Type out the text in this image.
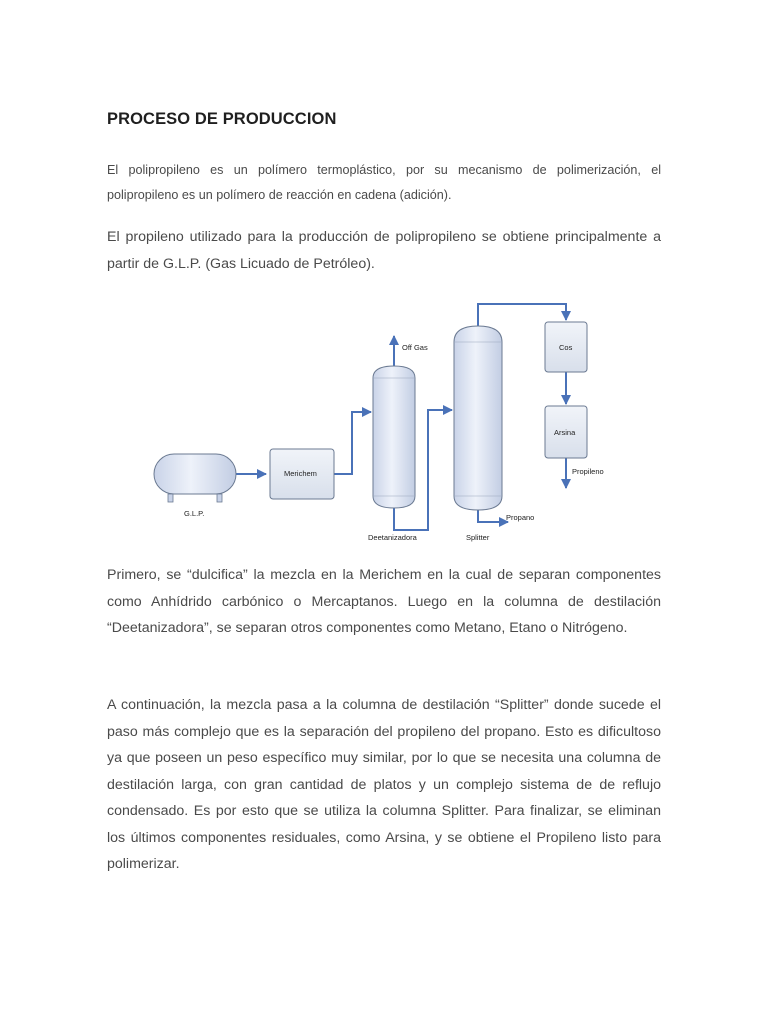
PROCESO DE PRODUCCION

El polipropileno es un polímero termoplástico, por su mecanismo de polimerización, el polipropileno es un polímero de reacción en cadena (adición).

El propileno utilizado para la producción de polipropileno se obtiene principalmente a partir de G.L.P. (Gas Licuado de Petróleo).

G.L.P.
Merichem
Deetanizadora
Off Gas
Splitter
Propano
Cos
Arsina
Propileno

Primero, se “dulcifica” la mezcla en la Merichem en la cual de separan componentes como Anhídrido carbónico o Mercaptanos. Luego en la columna de destilación “Deetanizadora”, se separan otros componentes como Metano, Etano o Nitrógeno.

A continuación, la mezcla pasa a la columna de destilación “Splitter” donde sucede el paso más complejo que es la separación del propileno del propano. Esto es dificultoso ya que poseen un peso específico muy similar, por lo que se necesita una columna de destilación larga, con gran cantidad de platos y un complejo sistema de de reflujo condensado. Es por esto que se utiliza la columna Splitter. Para finalizar, se eliminan los últimos componentes residuales, como Arsina, y se obtiene el Propileno listo para polimerizar.
